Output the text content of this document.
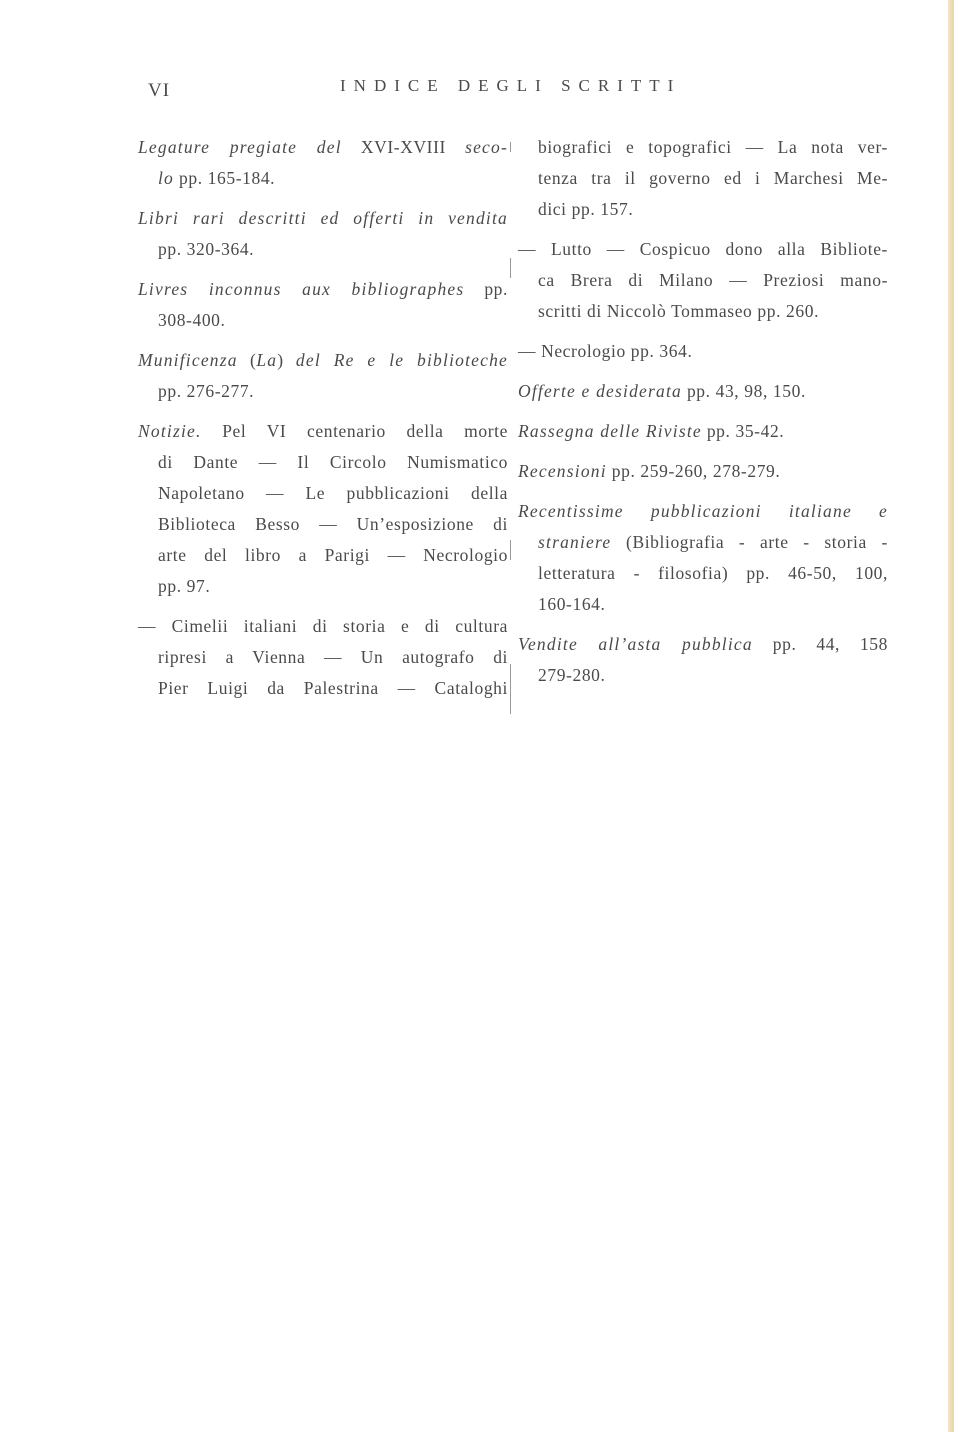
VI	INDICE DEGLI SCRITTI
Legature pregiate del XVI-XVIII seco-
lo pp. 165-184.
Libri rari descritti ed offerti in vendita
pp. 320-364.
Livres inconnus aux bibliographes pp.
308-400.
Munificenza (La) del Re e le biblioteche
pp. 276-277.
Notizie. Pel VI centenario della morte
di Dante — Il Circolo Numismatico
Napoletano — Le pubblicazioni della
Biblioteca Besso — Un’esposizione di
arte del libro a Parigi — Necrologio
pp. 97.
— Cimelii italiani di storia e di cultura
ripresi a Vienna — Un autografo di
Pier Luigi da Palestrina — Cataloghi
biografici e topografici — La nota ver-
tenza tra il governo ed i Marchesi Me-
dici pp. 157.
— Lutto — Cospicuo dono alla Bibliote-
ca Brera di Milano — Preziosi mano-
scritti di Niccolò Tommaseo pp. 260.
— Necrologio pp. 364.
Offerte e desiderata pp. 43, 98, 150.
Rassegna delle Riviste pp. 35-42.
Recensioni pp. 259-260, 278-279.
Recentissime pubblicazioni italiane e
straniere (Bibliografia - arte - storia -
letteratura - filosofia) pp. 46-50, 100,
160-164.
Vendite all’asta pubblica pp. 44, 158
279-280.
